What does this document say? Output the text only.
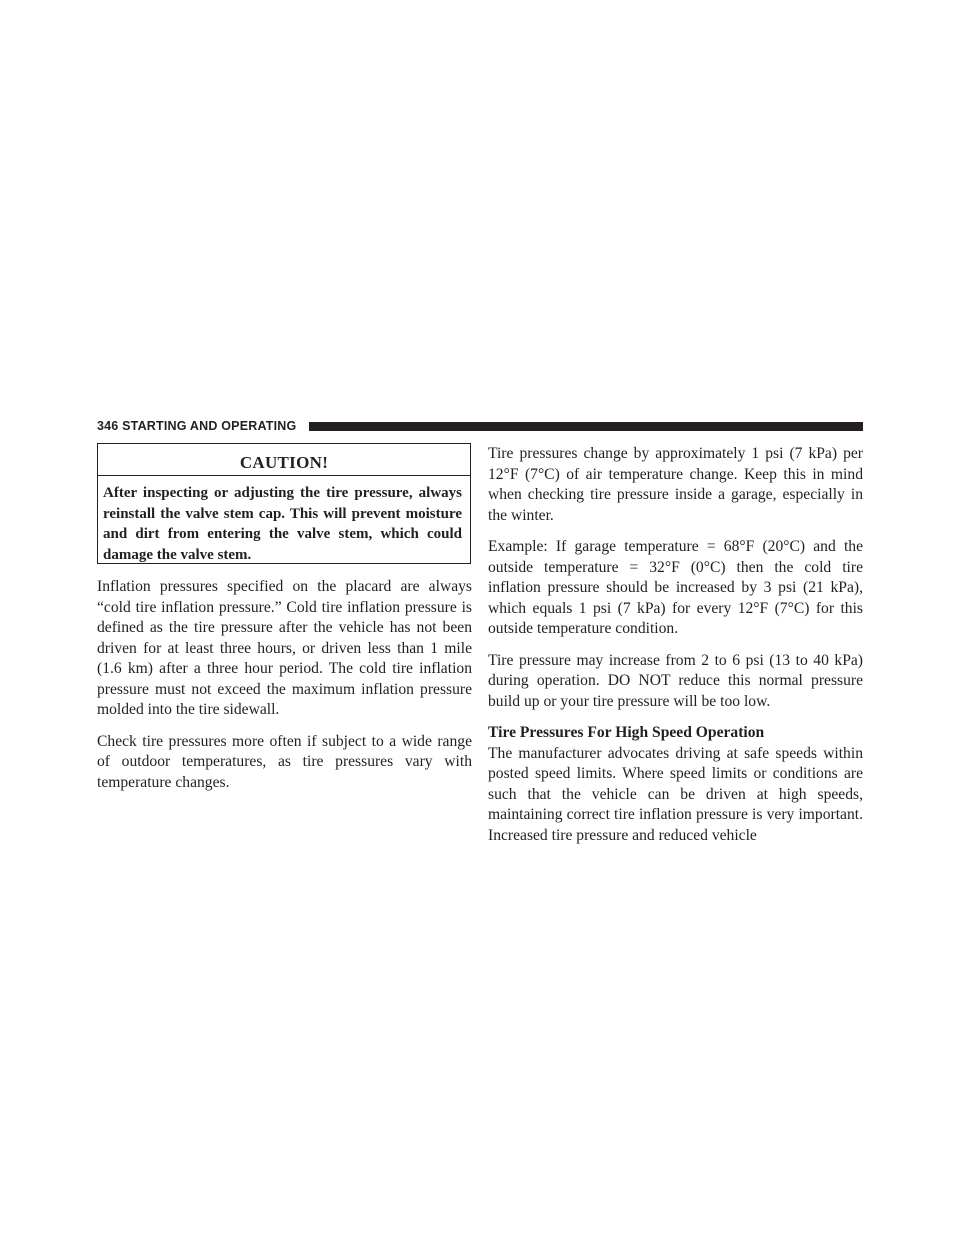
346 STARTING AND OPERATING
CAUTION!
After inspecting or adjusting the tire pressure, always reinstall the valve stem cap. This will prevent moisture and dirt from entering the valve stem, which could damage the valve stem.

Inflation pressures specified on the placard are always “cold tire inflation pressure.” Cold tire inflation pressure is defined as the tire pressure after the vehicle has not been driven for at least three hours, or driven less than 1 mile (1.6 km) after a three hour period. The cold tire inflation pressure must not exceed the maximum inflation pressure molded into the tire sidewall.

Check tire pressures more often if subject to a wide range of outdoor temperatures, as tire pressures vary with temperature changes.

Tire pressures change by approximately 1 psi (7 kPa) per 12°F (7°C) of air temperature change. Keep this in mind when checking tire pressure inside a garage, especially in the winter.

Example: If garage temperature = 68°F (20°C) and the outside temperature = 32°F (0°C) then the cold tire inflation pressure should be increased by 3 psi (21 kPa), which equals 1 psi (7 kPa) for every 12°F (7°C) for this outside temperature condition.

Tire pressure may increase from 2 to 6 psi (13 to 40 kPa) during operation. DO NOT reduce this normal pressure build up or your tire pressure will be too low.

Tire Pressures For High Speed Operation

The manufacturer advocates driving at safe speeds within posted speed limits. Where speed limits or conditions are such that the vehicle can be driven at high speeds, maintaining correct tire inflation pressure is very important. Increased tire pressure and reduced vehicle
